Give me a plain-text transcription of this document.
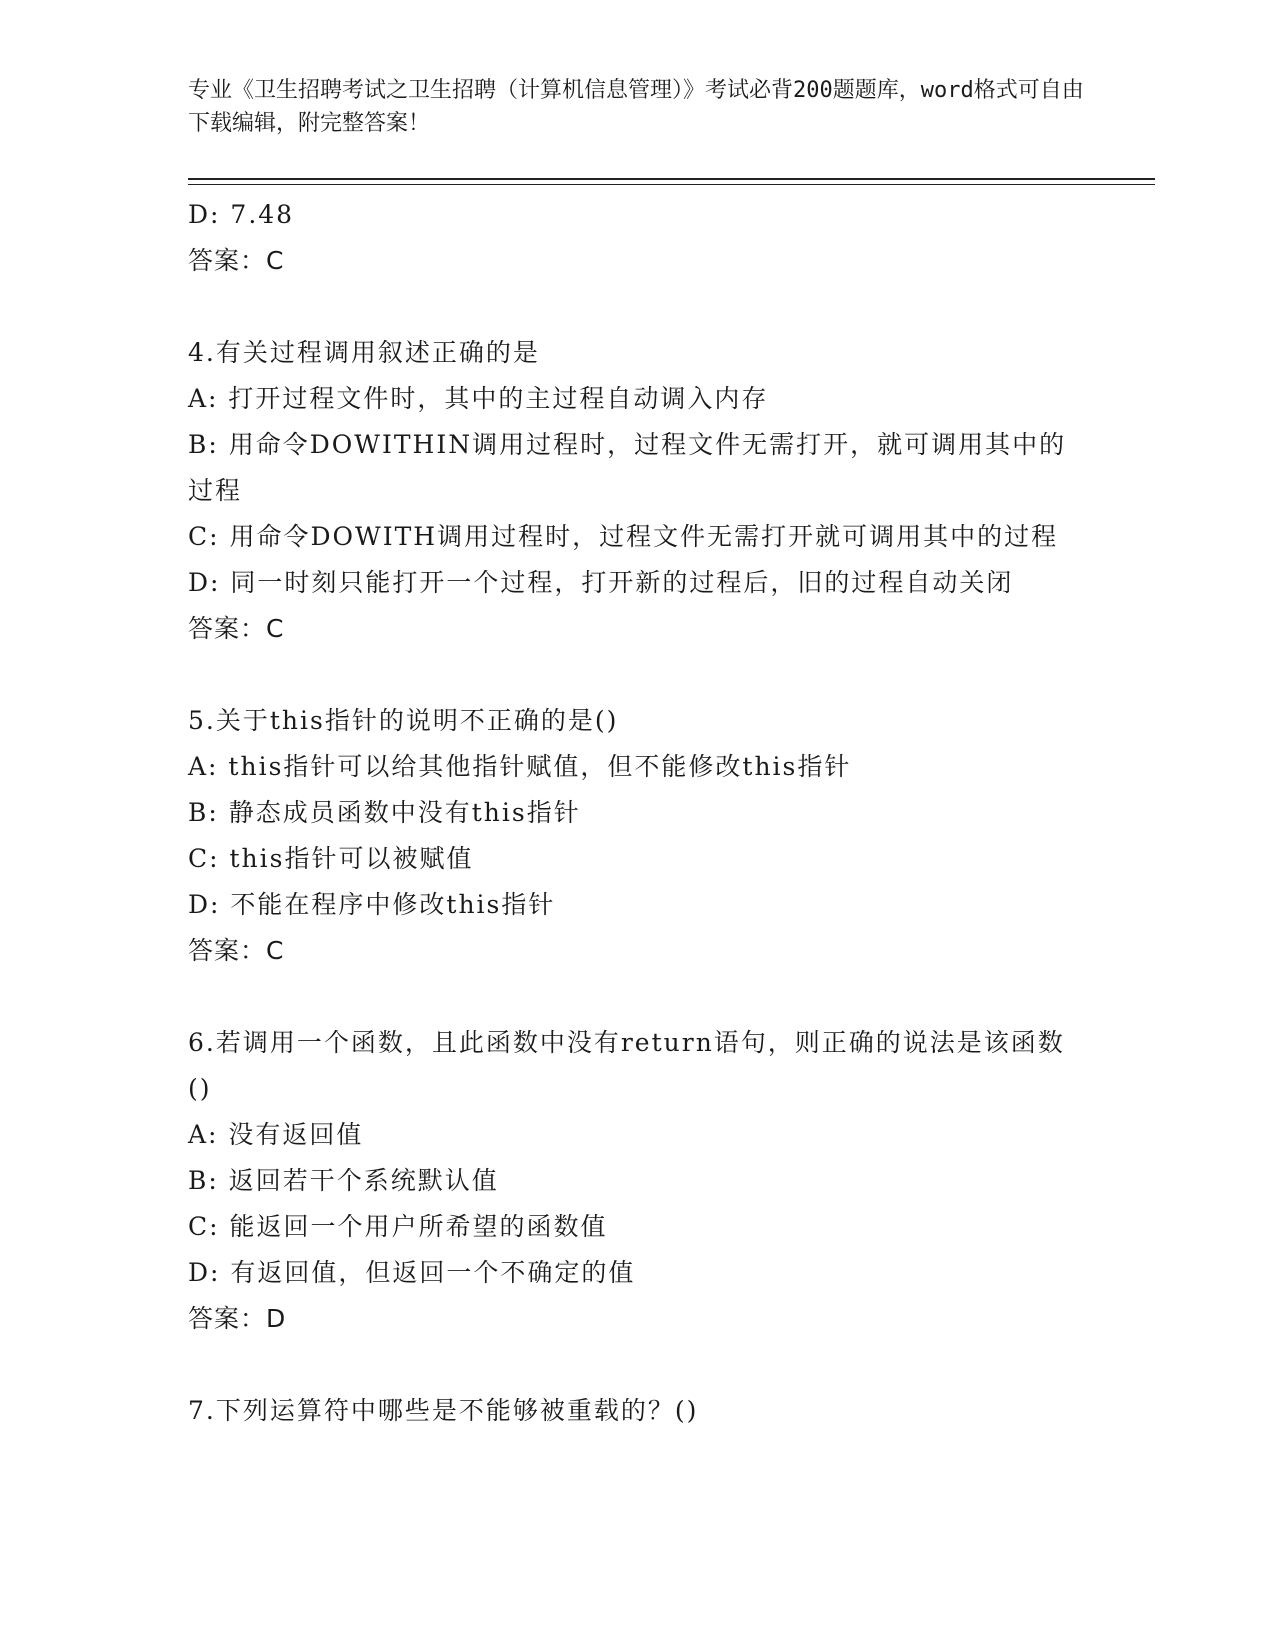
专业《卫生招聘考试之卫生招聘（计算机信息管理）》考试必背200题题库，word格式可自由下载编辑，附完整答案！
D: 7.48
答案：C
4.有关过程调用叙述正确的是
A: 打开过程文件时，其中的主过程自动调入内存
B: 用命令DOWITHIN调用过程时，过程文件无需打开，就可调用其中的过程
C: 用命令DOWITH调用过程时，过程文件无需打开就可调用其中的过程
D: 同一时刻只能打开一个过程，打开新的过程后，旧的过程自动关闭
答案：C
5.关于this指针的说明不正确的是()
A: this指针可以给其他指针赋值，但不能修改this指针
B: 静态成员函数中没有this指针
C: this指针可以被赋值
D: 不能在程序中修改this指针
答案：C
6.若调用一个函数，且此函数中没有return语句，则正确的说法是该函数()
A: 没有返回值
B: 返回若干个系统默认值
C: 能返回一个用户所希望的函数值
D: 有返回值，但返回一个不确定的值
答案：D
7.下列运算符中哪些是不能够被重载的？()
